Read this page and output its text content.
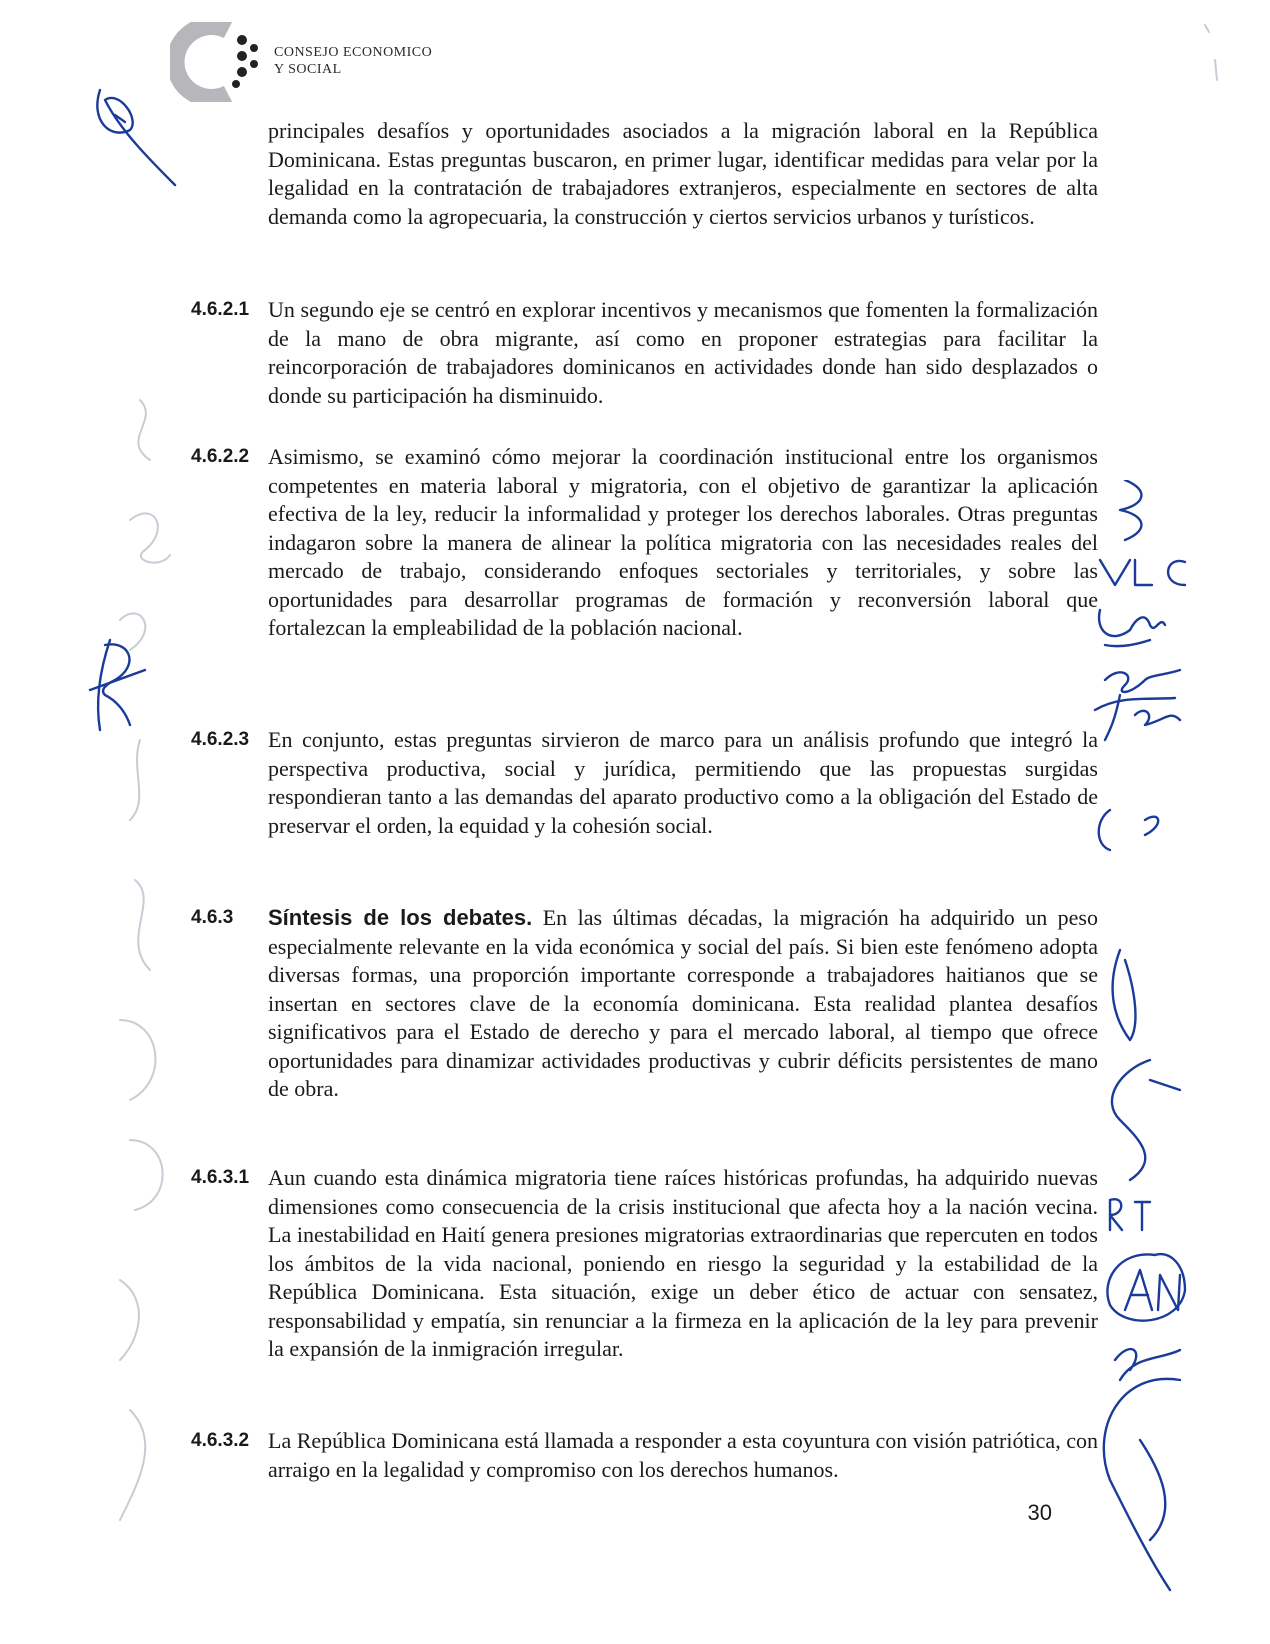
ES	CONSEJO ECONOMICO
Y SOCIAL
principales desafíos y oportunidades asociados a la migración laboral en la República Dominicana. Estas preguntas buscaron, en primer lugar, identificar medidas para velar por la legalidad en la contratación de trabajadores extranjeros, especialmente en sectores de alta demanda como la agropecuaria, la construcción y ciertos servicios urbanos y turísticos.
4.6.2.1 Un segundo eje se centró en explorar incentivos y mecanismos que fomenten la formalización de la mano de obra migrante, así como en proponer estrategias para facilitar la reincorporación de trabajadores dominicanos en actividades donde han sido desplazados o donde su participación ha disminuido.
4.6.2.2 Asimismo, se examinó cómo mejorar la coordinación institucional entre los organismos competentes en materia laboral y migratoria, con el objetivo de garantizar la aplicación efectiva de la ley, reducir la informalidad y proteger los derechos laborales. Otras preguntas indagaron sobre la manera de alinear la política migratoria con las necesidades reales del mercado de trabajo, considerando enfoques sectoriales y territoriales, y sobre las oportunidades para desarrollar programas de formación y reconversión laboral que fortalezcan la empleabilidad de la población nacional.
4.6.2.3 En conjunto, estas preguntas sirvieron de marco para un análisis profundo que integró la perspectiva productiva, social y jurídica, permitiendo que las propuestas surgidas respondieran tanto a las demandas del aparato productivo como a la obligación del Estado de preservar el orden, la equidad y la cohesión social.
4.6.3 Síntesis de los debates. En las últimas décadas, la migración ha adquirido un peso especialmente relevante en la vida económica y social del país. Si bien este fenómeno adopta diversas formas, una proporción importante corresponde a trabajadores haitianos que se insertan en sectores clave de la economía dominicana. Esta realidad plantea desafíos significativos para el Estado de derecho y para el mercado laboral, al tiempo que ofrece oportunidades para dinamizar actividades productivas y cubrir déficits persistentes de mano de obra.
4.6.3.1 Aun cuando esta dinámica migratoria tiene raíces históricas profundas, ha adquirido nuevas dimensiones como consecuencia de la crisis institucional que afecta hoy a la nación vecina. La inestabilidad en Haití genera presiones migratorias extraordinarias que repercuten en todos los ámbitos de la vida nacional, poniendo en riesgo la seguridad y la estabilidad de la República Dominicana. Esta situación, exige un deber ético de actuar con sensatez, responsabilidad y empatía, sin renunciar a la firmeza en la aplicación de la ley para prevenir la expansión de la inmigración irregular.
4.6.3.2 La República Dominicana está llamada a responder a esta coyuntura con visión patriótica, con arraigo en la legalidad y compromiso con los derechos humanos.
30
